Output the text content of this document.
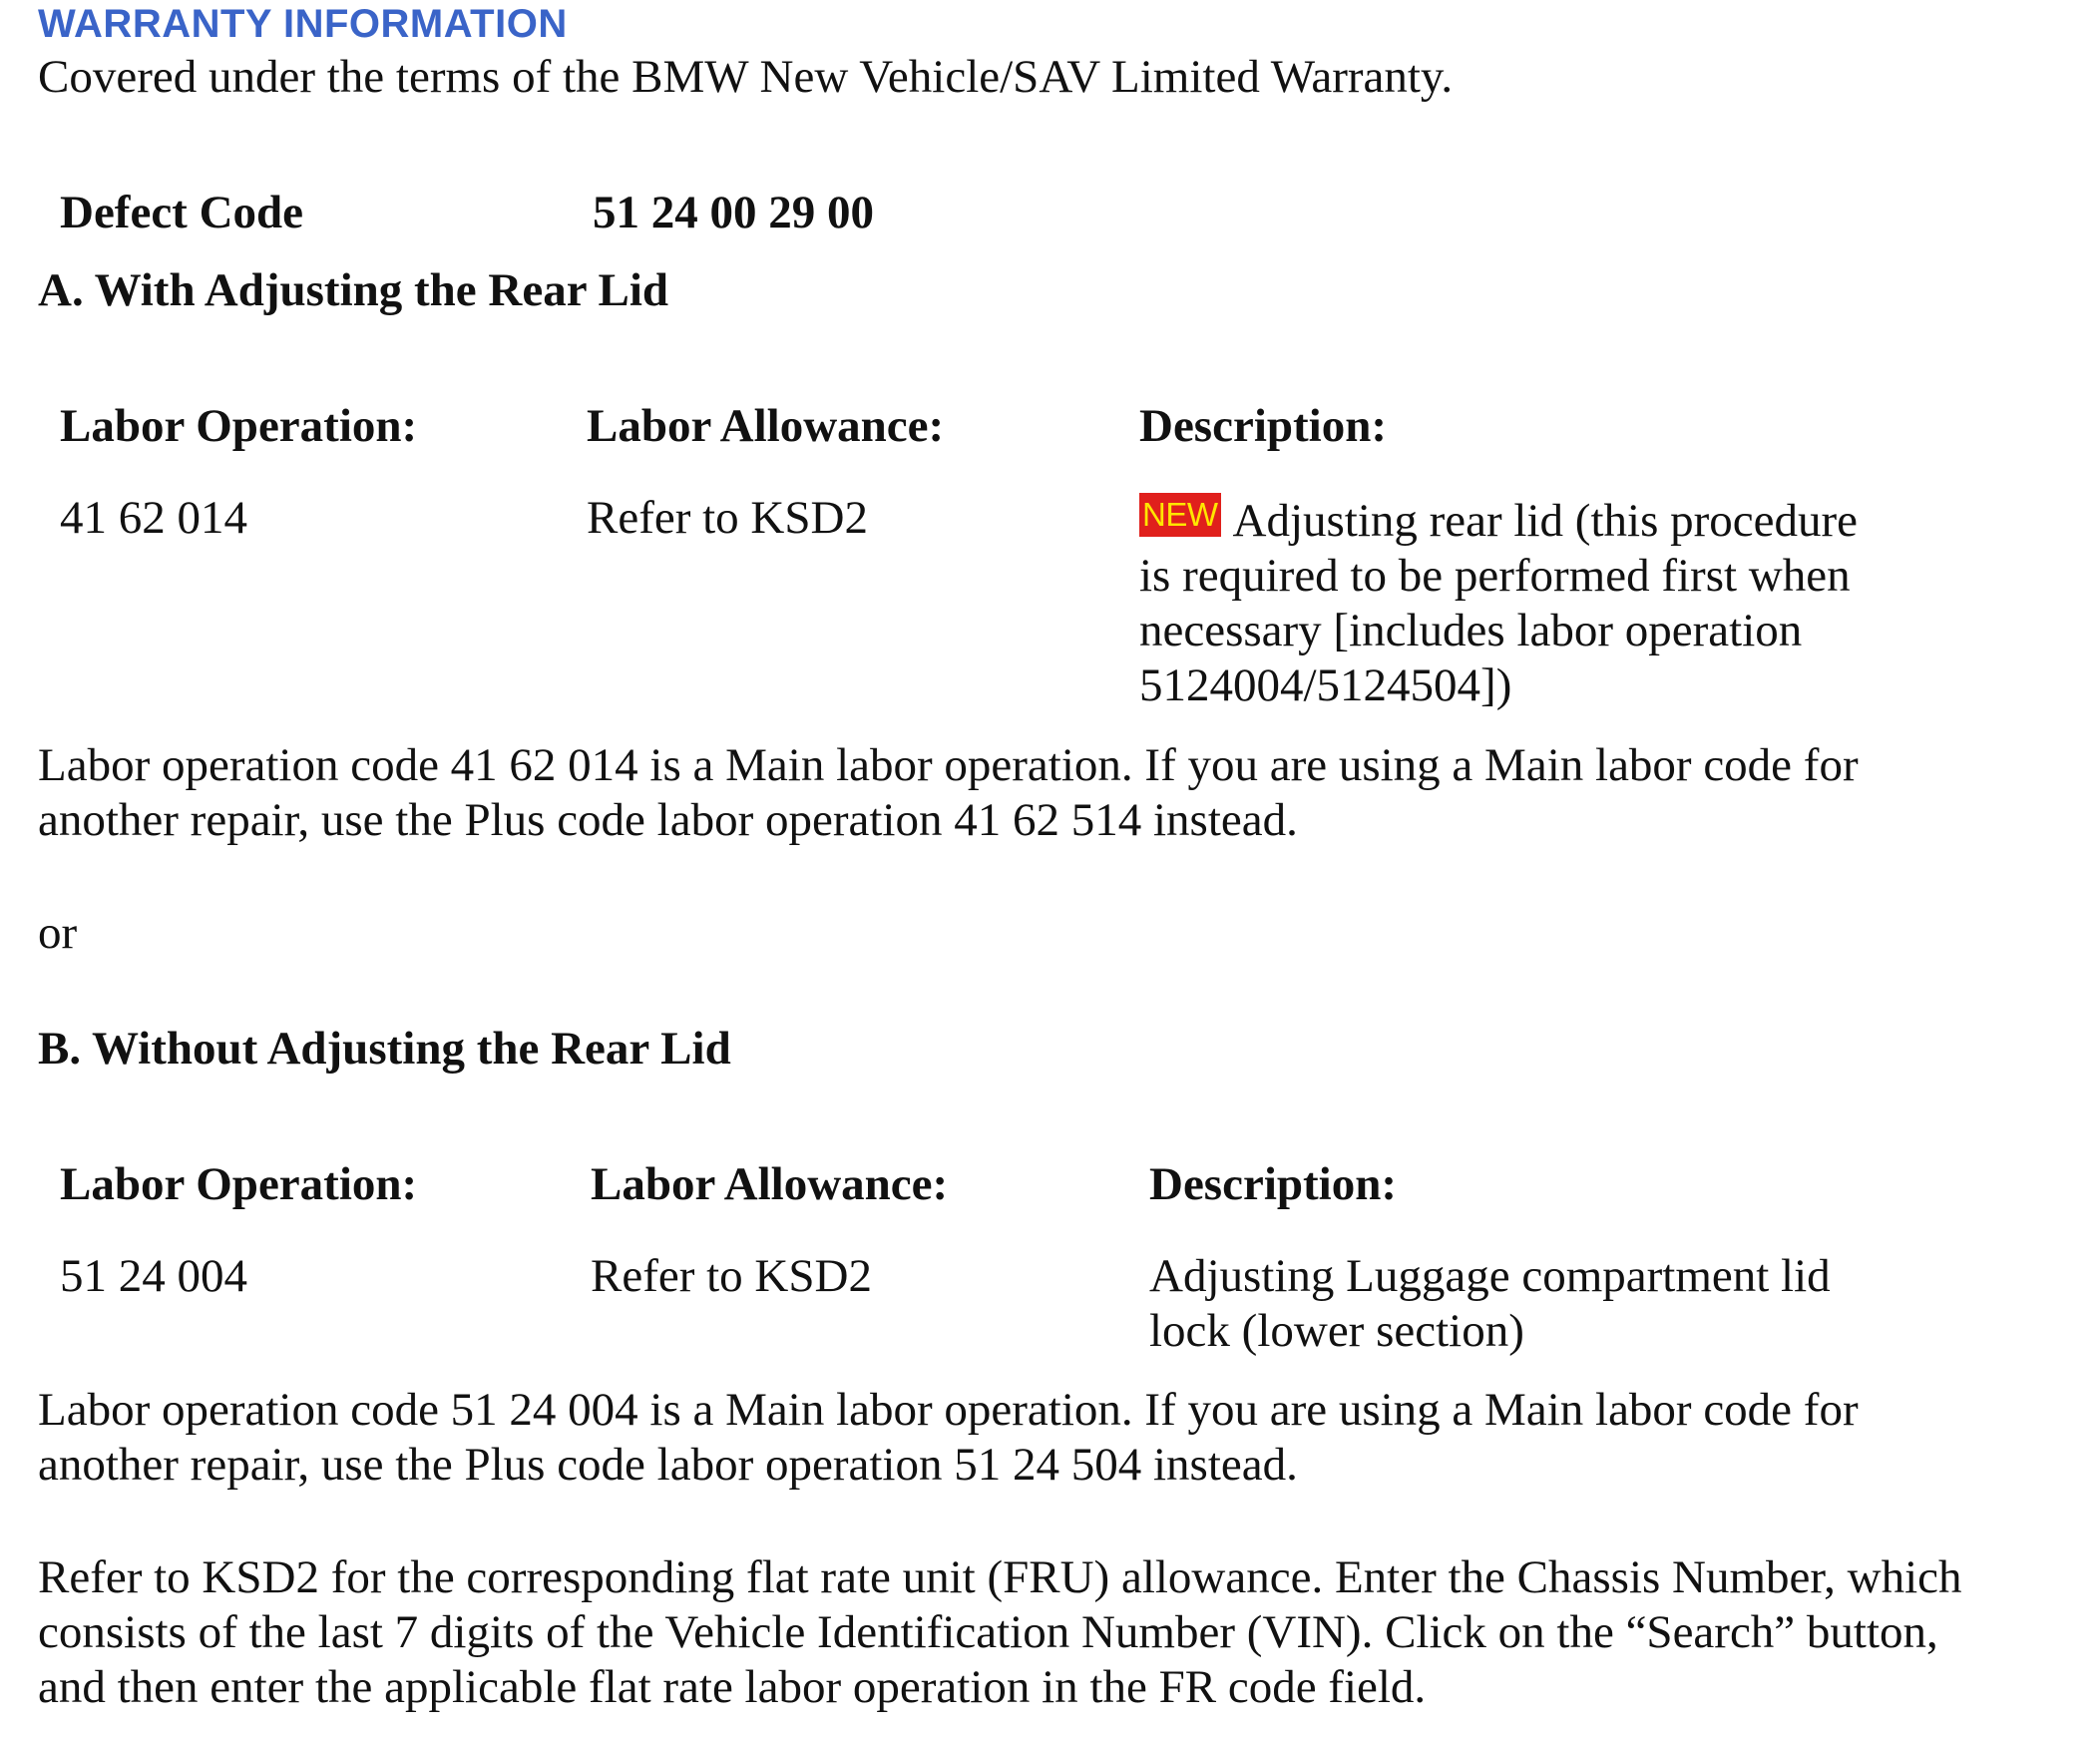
WARRANTY INFORMATION
Covered under the terms of the BMW New Vehicle/SAV Limited Warranty.
Defect Code	51 24 00 29 00
A. With Adjusting the Rear Lid
Labor Operation:	Labor Allowance:	Description:
41 62 014	Refer to KSD2	NEW Adjusting rear lid (this procedure
is required to be performed first when
necessary [includes labor operation
5124004/5124504])
Labor operation code 41 62 014 is a Main labor operation. If you are using a Main labor code for
another repair, use the Plus code labor operation 41 62 514 instead.
or
B. Without Adjusting the Rear Lid
Labor Operation:	Labor Allowance:	Description:
51 24 004	Refer to KSD2	Adjusting Luggage compartment lid
lock (lower section)
Labor operation code 51 24 004 is a Main labor operation. If you are using a Main labor code for
another repair, use the Plus code labor operation 51 24 504 instead.
Refer to KSD2 for the corresponding flat rate unit (FRU) allowance. Enter the Chassis Number, which
consists of the last 7 digits of the Vehicle Identification Number (VIN). Click on the “Search” button,
and then enter the applicable flat rate labor operation in the FR code field.
